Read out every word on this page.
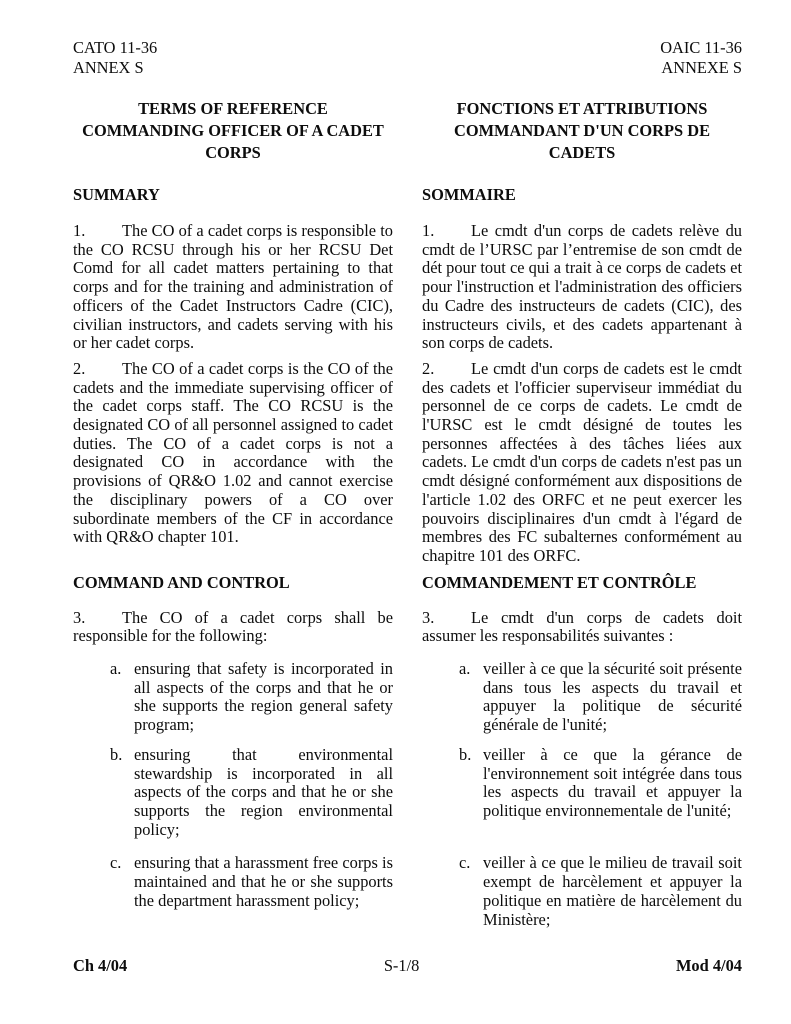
CATO 11-36
ANNEX S
OAIC 11-36
ANNEXE S
TERMS OF REFERENCE
COMMANDING OFFICER OF A CADET
CORPS
FONCTIONS ET ATTRIBUTIONS
COMMANDANT D'UN CORPS DE
CADETS
SUMMARY	SOMMAIRE

1. The CO of a cadet corps is responsible to the CO RCSU through his or her RCSU Det Comd for all cadet matters pertaining to that corps and for the training and administration of officers of the Cadet Instructors Cadre (CIC), civilian instructors, and cadets serving with his or her cadet corps.

1. Le cmdt d'un corps de cadets relève du cmdt de l’URSC par l’entremise de son cmdt de dét pour tout ce qui a trait à ce corps de cadets et pour l'instruction et l'administration des officiers du Cadre des instructeurs de cadets (CIC), des instructeurs civils, et des cadets appartenant à son corps de cadets.

2. The CO of a cadet corps is the CO of the cadets and the immediate supervising officer of the cadet corps staff. The CO RCSU is the designated CO of all personnel assigned to cadet duties. The CO of a cadet corps is not a designated CO in accordance with the provisions of QR&O 1.02 and cannot exercise the disciplinary powers of a CO over subordinate members of the CF in accordance with QR&O chapter 101.

2. Le cmdt d'un corps de cadets est le cmdt des cadets et l'officier superviseur immédiat du personnel de ce corps de cadets. Le cmdt de l'URSC est le cmdt désigné de toutes les personnes affectées à des tâches liées aux cadets. Le cmdt d'un corps de cadets n'est pas un cmdt désigné conformément aux dispositions de l'article 1.02 des ORFC et ne peut exercer les pouvoirs disciplinaires d'un cmdt à l'égard de membres des FC subalternes conformément au chapitre 101 des ORFC.

COMMAND AND CONTROL	COMMANDEMENT ET CONTRÔLE

3. The CO of a cadet corps shall be responsible for the following:

3. Le cmdt d'un corps de cadets doit assumer les responsabilités suivantes :

a. ensuring that safety is incorporated in all aspects of the corps and that he or she supports the region general safety program;

a. veiller à ce que la sécurité soit présente dans tous les aspects du travail et appuyer la politique de sécurité générale de l'unité;

b. ensuring that environmental stewardship is incorporated in all aspects of the corps and that he or she supports the region environmental policy;

b. veiller à ce que la gérance de l'environnement soit intégrée dans tous les aspects du travail et appuyer la politique environnementale de l'unité;

c. ensuring that a harassment free corps is maintained and that he or she supports the department harassment policy;

c. veiller à ce que le milieu de travail soit exempt de harcèlement et appuyer la politique en matière de harcèlement du Ministère;

Ch 4/04	S-1/8	Mod 4/04
